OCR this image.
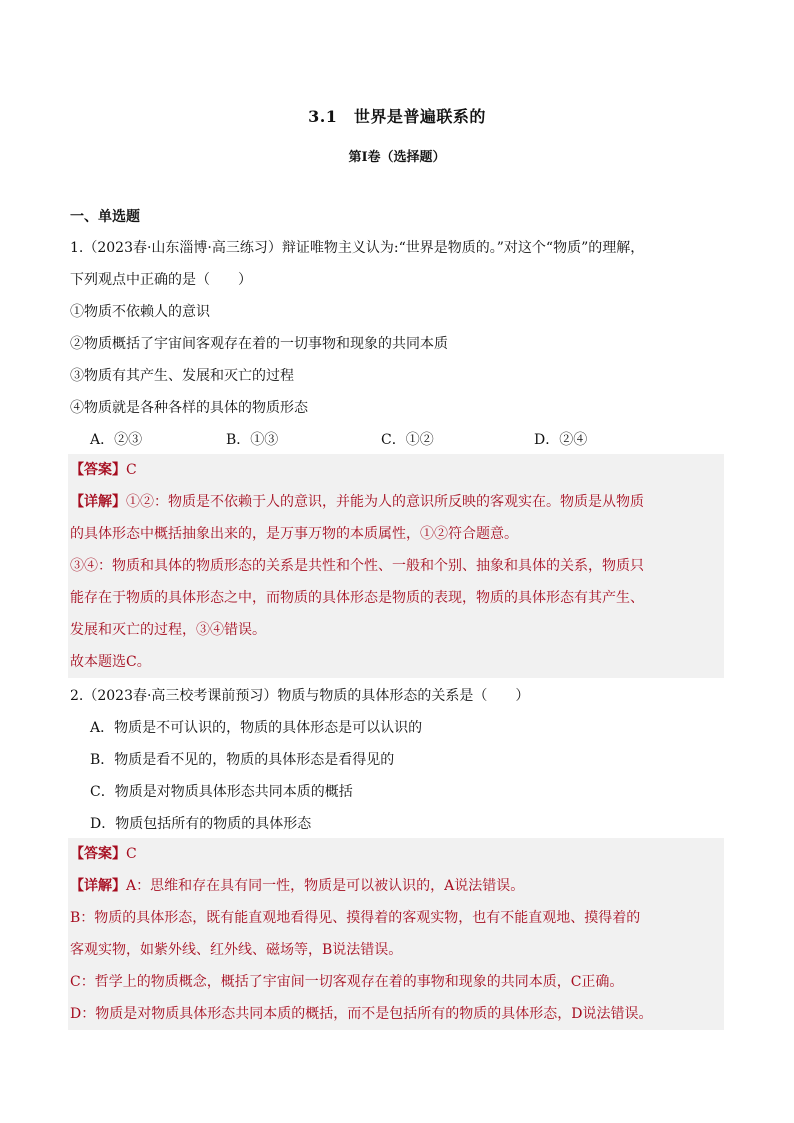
3.1　世界是普遍联系的
第Ⅰ卷（选择题）
一、单选题
1.（2023春·山东淄博·高三练习）辩证唯物主义认为:“世界是物质的。”对这个“物质”的理解，
下列观点中正确的是（　　）
①物质不依赖人的意识
②物质概括了宇宙间客观存在着的一切事物和现象的共同本质
③物质有其产生、发展和灭亡的过程
④物质就是各种各样的具体的物质形态
A．②③	B．①③	C．①②	D．②④
【答案】C
【详解】①②：物质是不依赖于人的意识，并能为人的意识所反映的客观实在。物质是从物质
的具体形态中概括抽象出来的，是万事万物的本质属性，①②符合题意。
③④：物质和具体的物质形态的关系是共性和个性、一般和个别、抽象和具体的关系，物质只
能存在于物质的具体形态之中，而物质的具体形态是物质的表现，物质的具体形态有其产生、
发展和灭亡的过程，③④错误。
故本题选C。
2.（2023春·高三校考课前预习）物质与物质的具体形态的关系是（　　）
A．物质是不可认识的，物质的具体形态是可以认识的
B．物质是看不见的，物质的具体形态是看得见的
C．物质是对物质具体形态共同本质的概括
D．物质包括所有的物质的具体形态
【答案】C
【详解】A：思维和存在具有同一性，物质是可以被认识的，A说法错误。
B：物质的具体形态，既有能直观地看得见、摸得着的客观实物，也有不能直观地、摸得着的
客观实物，如紫外线、红外线、磁场等，B说法错误。
C：哲学上的物质概念，概括了宇宙间一切客观存在着的事物和现象的共同本质，C正确。
D：物质是对物质具体形态共同本质的概括，而不是包括所有的物质的具体形态，D说法错误。
